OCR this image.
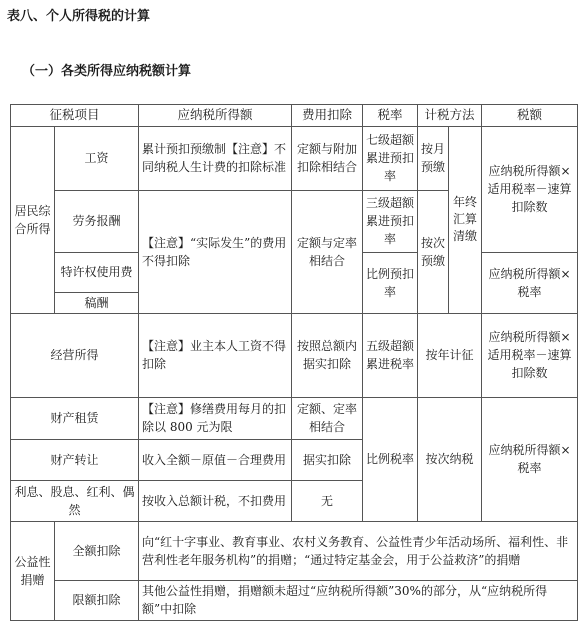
表八、个人所得税的计算
（一）各类所得应纳税额计算
征税项目		应纳税所得额	费用扣除	税率	计税方法		税额
居民综合所得	工资	累计预扣预缴制【注意】不同纳税人生计费的扣除标准	定额与附加扣除相结合	七级超额累进预扣率	按月预缴	年终汇算清缴	应纳税所得额×适用税率－速算扣除数
	劳务报酬	【注意】“实际发生”的费用不得扣除	定额与定率相结合	三级超额累进预扣率	按次预缴		
	特许权使用费			比例预扣率			应纳税所得额×税率
	稿酬						
经营所得		【注意】业主本人工资不得扣除	按照总额内据实扣除	五级超额累进税率	按年计征		应纳税所得额×适用税率－速算扣除数
财产租赁		【注意】修缮费用每月的扣除以 800 元为限	定额、定率相结合	比例税率	按次纳税		应纳税所得额×税率
财产转让		收入全额－原值－合理费用	据实扣除				
利息、股息、红利、偶然		按收入总额计税，不扣费用	无				
公益性捐赠	全额扣除	向“红十字事业、教育事业、农村义务教育、公益性青少年活动场所、福利性、非营利性老年服务机构”的捐赠；“通过特定基金会，用于公益救济”的捐赠					
	限额扣除	其他公益性捐赠，捐赠额未超过“应纳税所得额”30%的部分，从“应纳税所得额”中扣除					
